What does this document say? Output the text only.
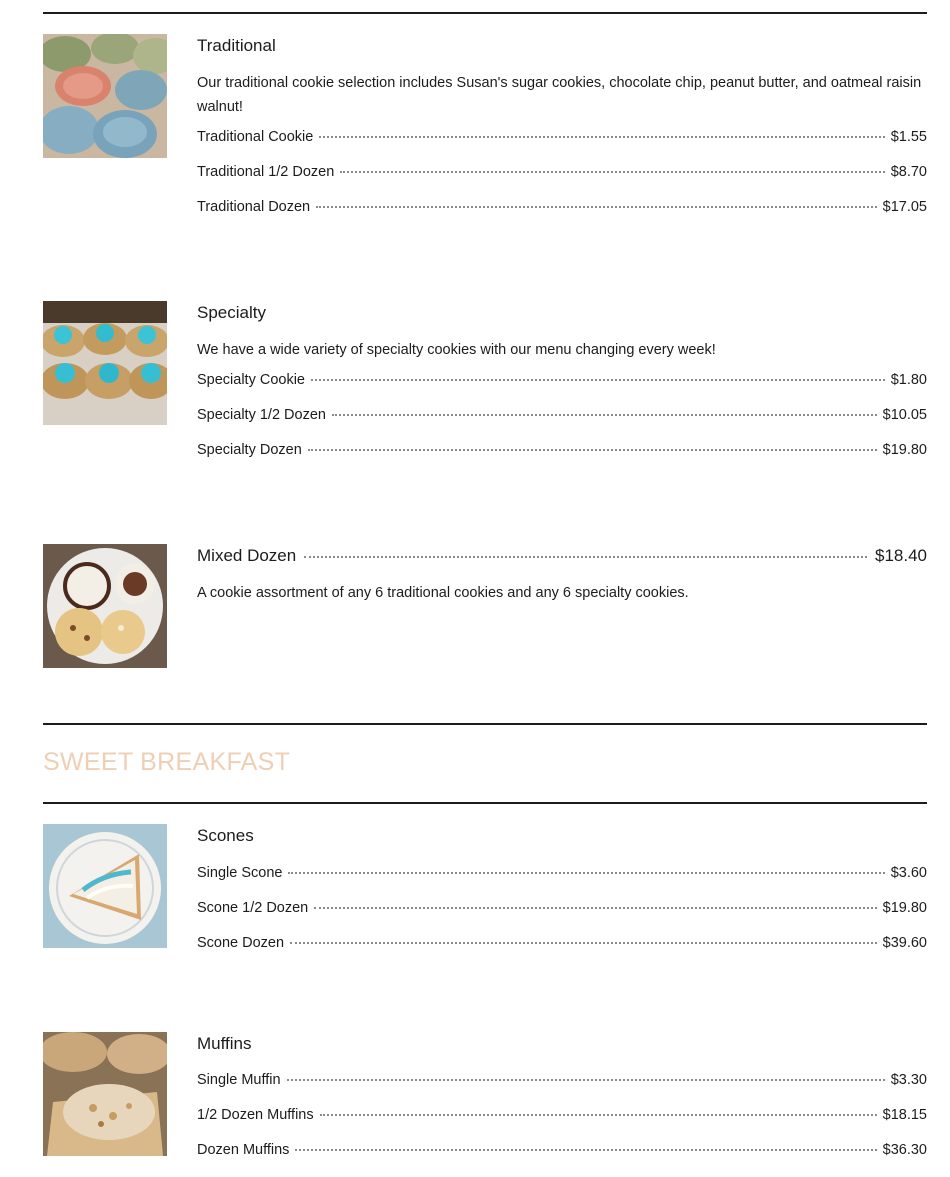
Traditional
Our traditional cookie selection includes Susan's sugar cookies, chocolate chip, peanut butter, and oatmeal raisin walnut!
Traditional Cookie	$1.55
Traditional 1/2 Dozen	$8.70
Traditional Dozen	$17.05
Specialty
We have a wide variety of specialty cookies with our menu changing every week!
Specialty Cookie	$1.80
Specialty 1/2 Dozen	$10.05
Specialty Dozen	$19.80
Mixed Dozen	$18.40
A cookie assortment of any 6 traditional cookies and any 6 specialty cookies.
SWEET BREAKFAST
Scones
Single Scone	$3.60
Scone 1/2 Dozen	$19.80
Scone Dozen	$39.60
Muffins
Single Muffin	$3.30
1/2 Dozen Muffins	$18.15
Dozen Muffins	$36.30
